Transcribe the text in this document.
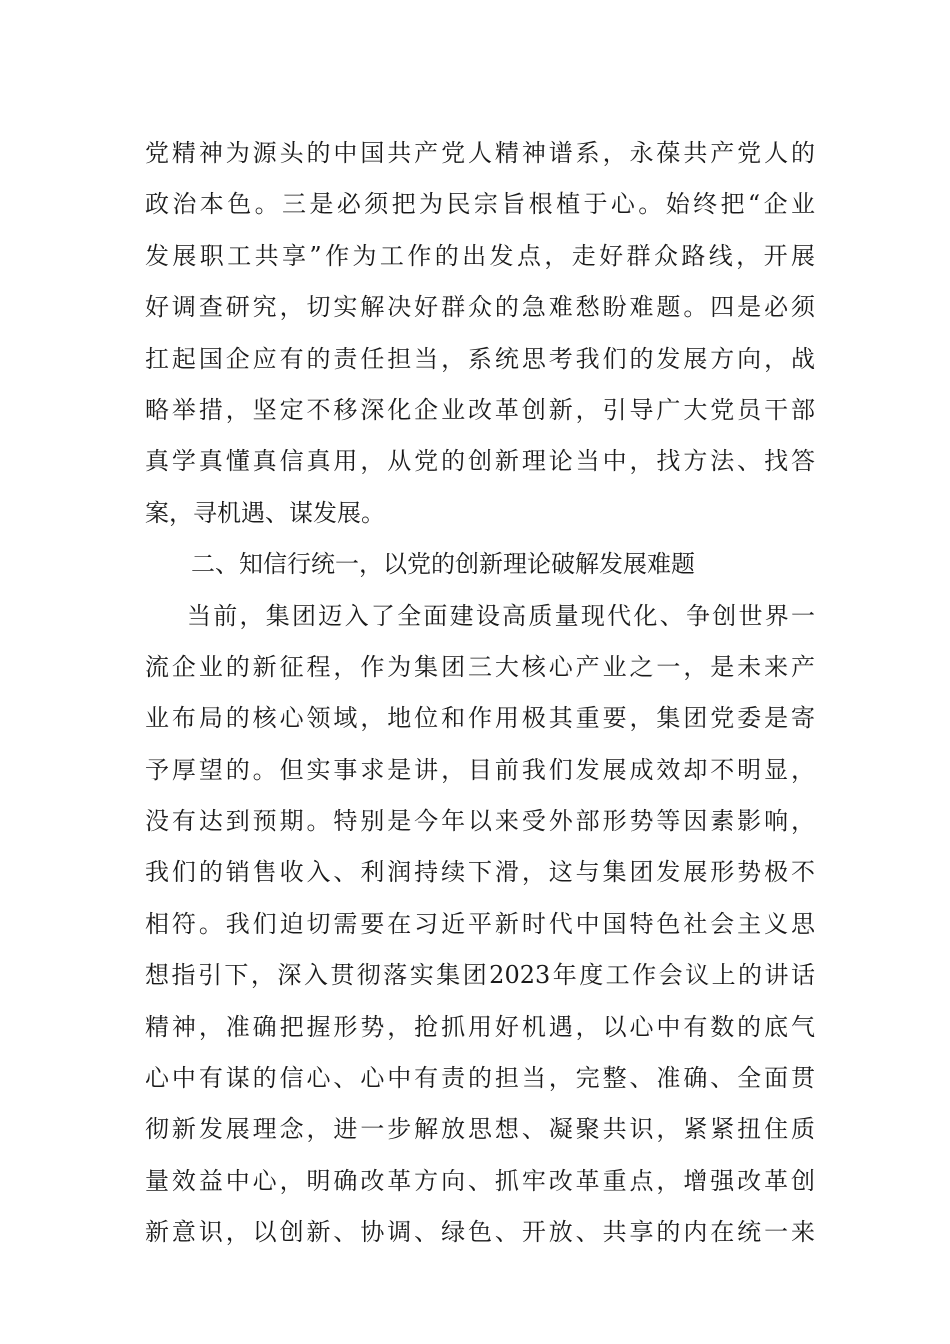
党精神为源头的中国共产党人精神谱系，永葆共产党人的
政治本色。三是必须把为民宗旨根植于心。始终把“企业
发展职工共享”作为工作的出发点，走好群众路线，开展
好调查研究，切实解决好群众的急难愁盼难题。四是必须
扛起国企应有的责任担当，系统思考我们的发展方向，战
略举措，坚定不移深化企业改革创新，引导广大党员干部
真学真懂真信真用，从党的创新理论当中，找方法、找答
案，寻机遇、谋发展。
二、知信行统一，以党的创新理论破解发展难题
当前，集团迈入了全面建设高质量现代化、争创世界一
流企业的新征程，作为集团三大核心产业之一，是未来产
业布局的核心领域，地位和作用极其重要，集团党委是寄
予厚望的。但实事求是讲，目前我们发展成效却不明显，
没有达到预期。特别是今年以来受外部形势等因素影响，
我们的销售收入、利润持续下滑，这与集团发展形势极不
相符。我们迫切需要在习近平新时代中国特色社会主义思
想指引下，深入贯彻落实集团2023年度工作会议上的讲话
精神，准确把握形势，抢抓用好机遇，以心中有数的底气
心中有谋的信心、心中有责的担当，完整、准确、全面贯
彻新发展理念，进一步解放思想、凝聚共识，紧紧扭住质
量效益中心，明确改革方向、抓牢改革重点，增强改革创
新意识，以创新、协调、绿色、开放、共享的内在统一来
